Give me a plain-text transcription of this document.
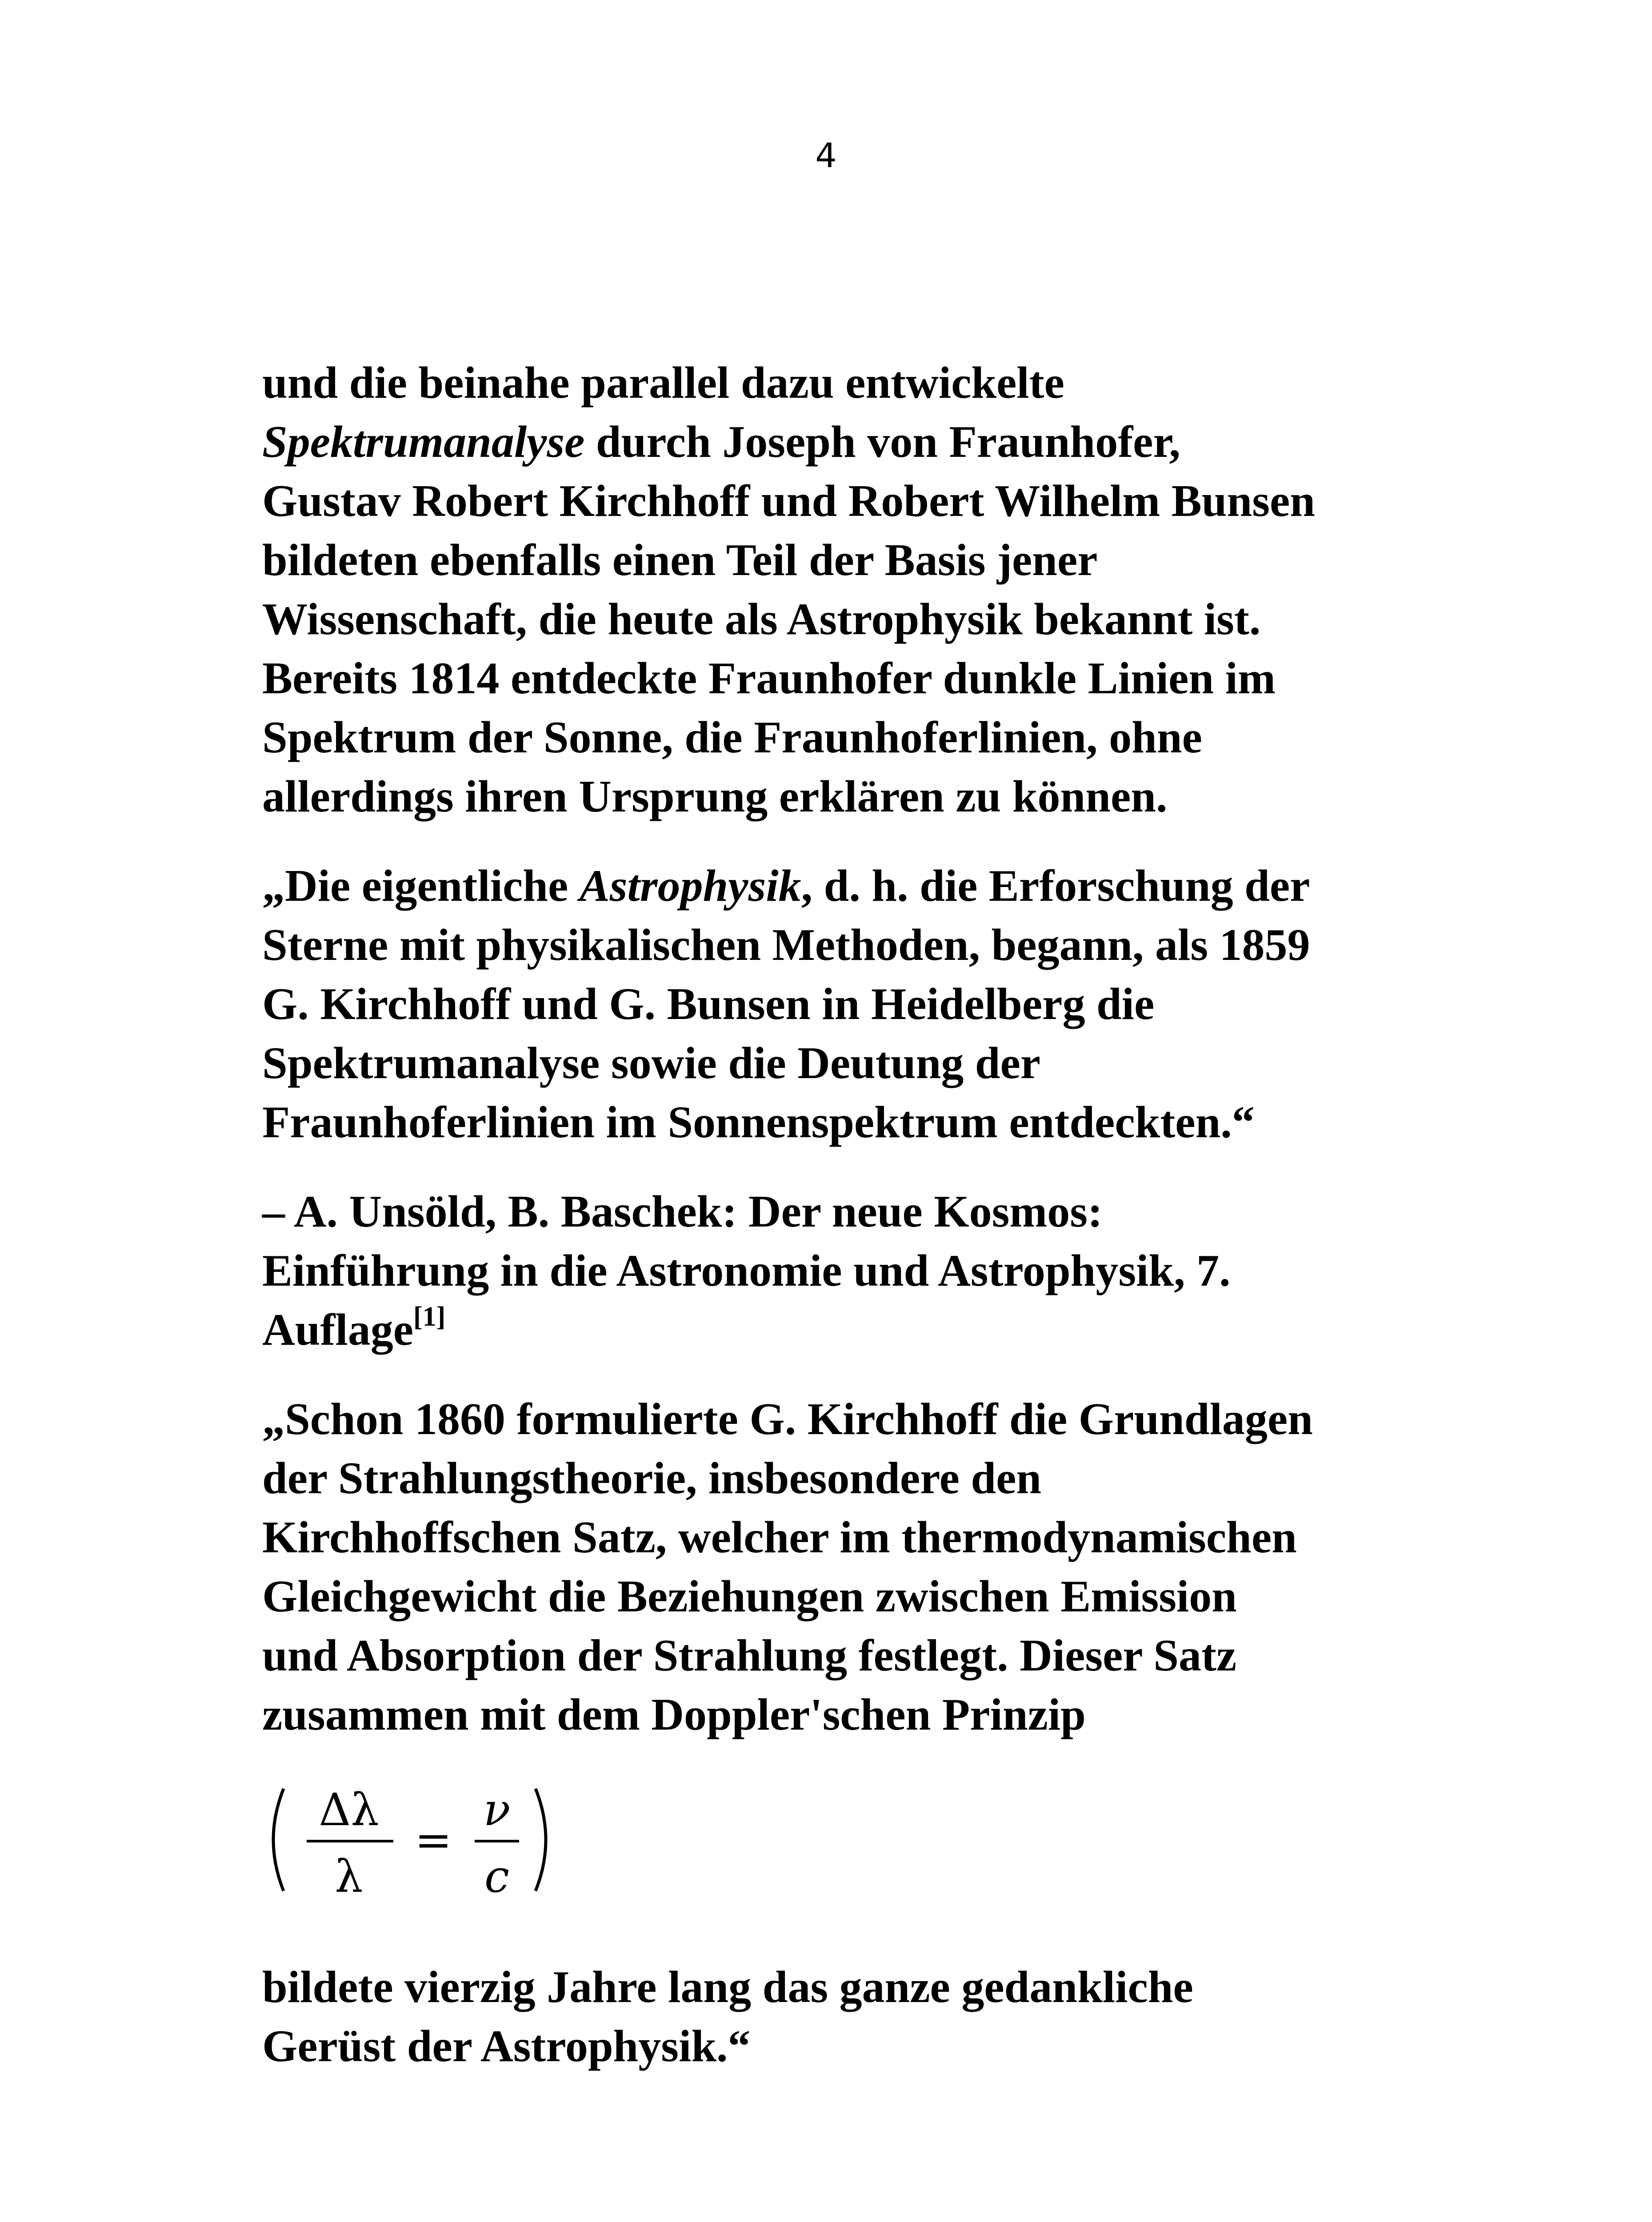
4
und die beinahe parallel dazu entwickelte
Spektrumanalyse durch Joseph von Fraunhofer,
Gustav Robert Kirchhoff und Robert Wilhelm Bunsen
bildeten ebenfalls einen Teil der Basis jener
Wissenschaft, die heute als Astrophysik bekannt ist.
Bereits 1814 entdeckte Fraunhofer dunkle Linien im
Spektrum der Sonne, die Fraunhoferlinien, ohne
allerdings ihren Ursprung erklären zu können.
„Die eigentliche Astrophysik, d. h. die Erforschung der
Sterne mit physikalischen Methoden, begann, als 1859
G. Kirchhoff und G. Bunsen in Heidelberg die
Spektrumanalyse sowie die Deutung der
Fraunhoferlinien im Sonnenspektrum entdeckten.“
– A. Unsöld, B. Baschek: Der neue Kosmos:
Einführung in die Astronomie und Astrophysik, 7.
Auflage[1]
„Schon 1860 formulierte G. Kirchhoff die Grundlagen
der Strahlungstheorie, insbesondere den
Kirchhoffschen Satz, welcher im thermodynamischen
Gleichgewicht die Beziehungen zwischen Emission
und Absorption der Strahlung festlegt. Dieser Satz
zusammen mit dem Doppler'schen Prinzip
Δλ
λ
=
ν
c
bildete vierzig Jahre lang das ganze gedankliche
Gerüst der Astrophysik.“
